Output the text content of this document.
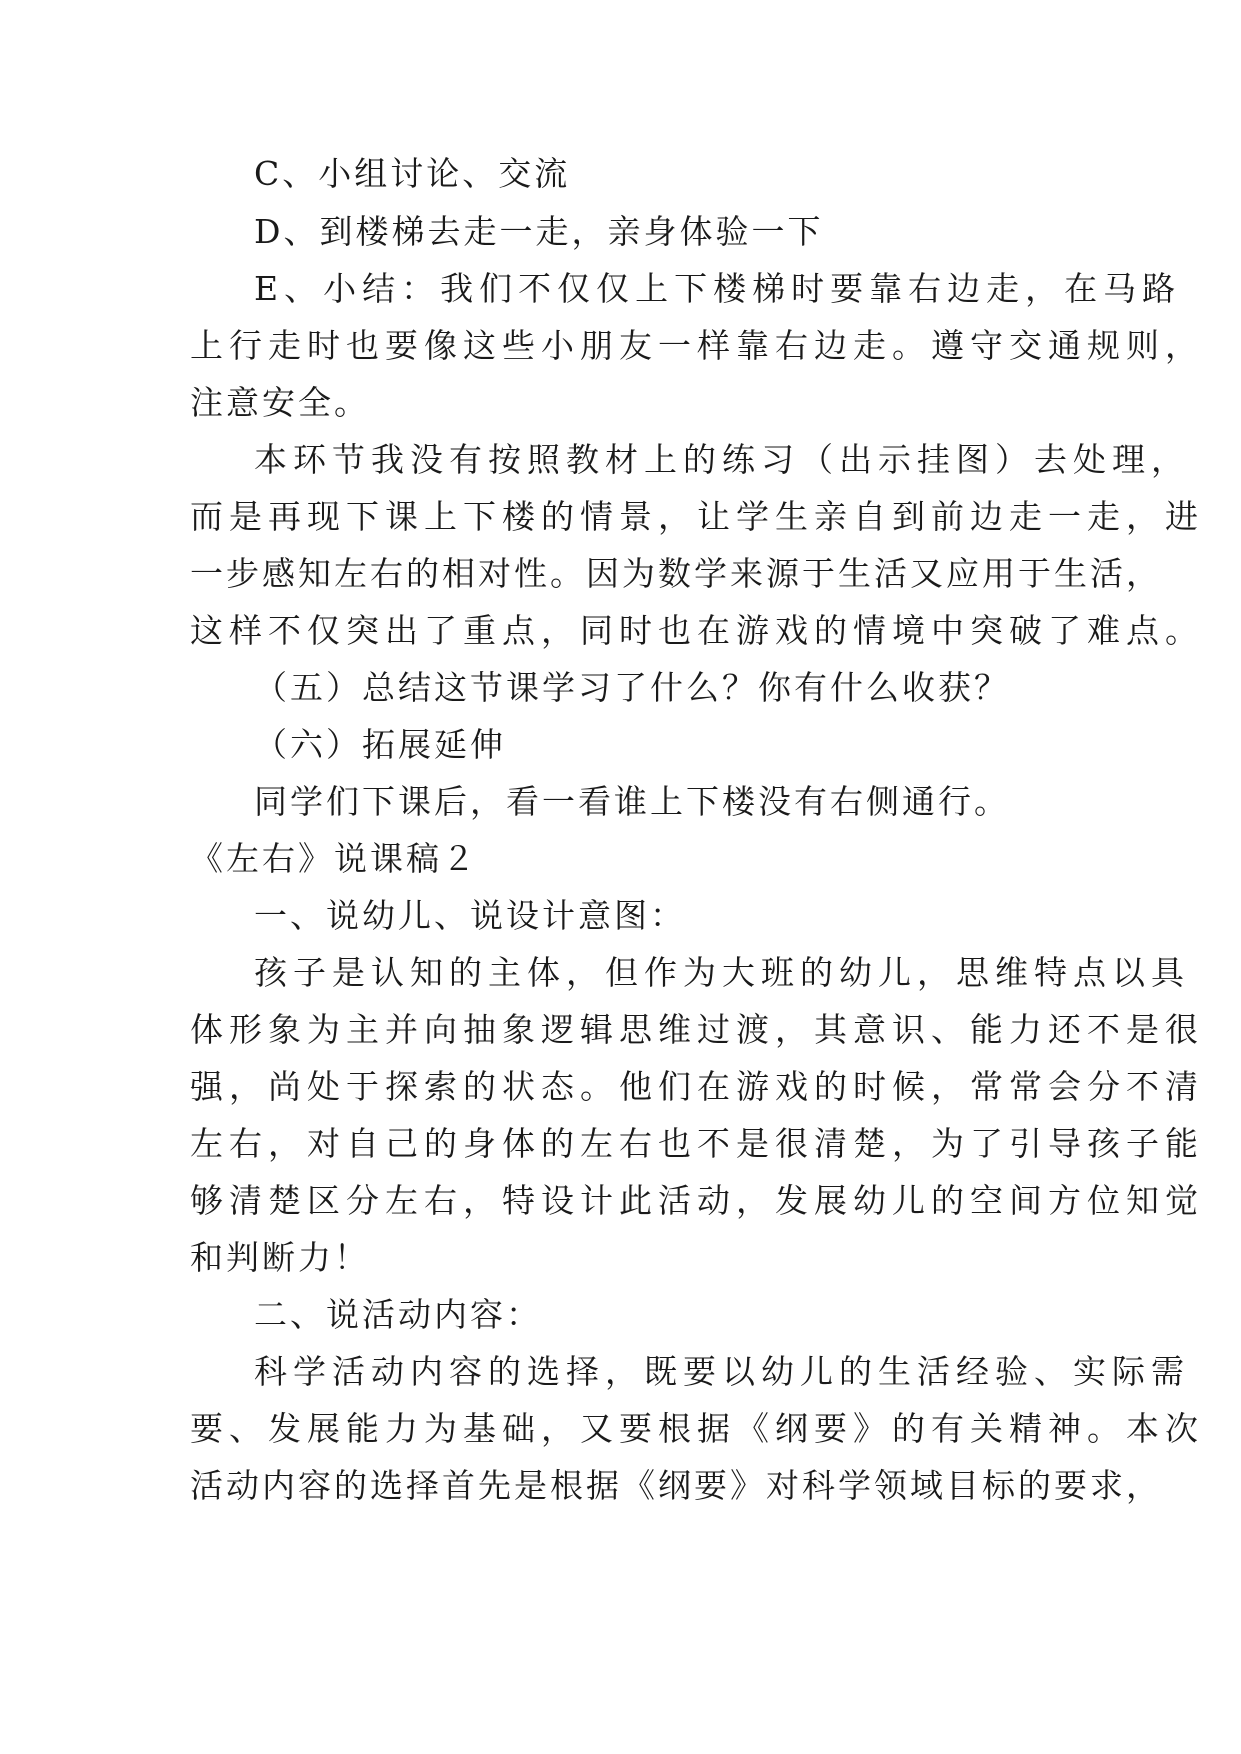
C、小组讨论、交流
D、到楼梯去走一走，亲身体验一下
E、小结：我们不仅仅上下楼梯时要靠右边走，在马路
上行走时也要像这些小朋友一样靠右边走。遵守交通规则，
注意安全。
本环节我没有按照教材上的练习（出示挂图）去处理，
而是再现下课上下楼的情景，让学生亲自到前边走一走，进
一步感知左右的相对性。因为数学来源于生活又应用于生活，
这样不仅突出了重点，同时也在游戏的情境中突破了难点。
（五）总结这节课学习了什么？你有什么收获？
（六）拓展延伸
同学们下课后，看一看谁上下楼没有右侧通行。
《左右》说课稿２
一、说幼儿、说设计意图：
孩子是认知的主体，但作为大班的幼儿，思维特点以具
体形象为主并向抽象逻辑思维过渡，其意识、能力还不是很
强，尚处于探索的状态。他们在游戏的时候，常常会分不清
左右，对自己的身体的左右也不是很清楚，为了引导孩子能
够清楚区分左右，特设计此活动，发展幼儿的空间方位知觉
和判断力！
二、说活动内容：
科学活动内容的选择，既要以幼儿的生活经验、实际需
要、发展能力为基础，又要根据《纲要》的有关精神。本次
活动内容的选择首先是根据《纲要》对科学领域目标的要求，
